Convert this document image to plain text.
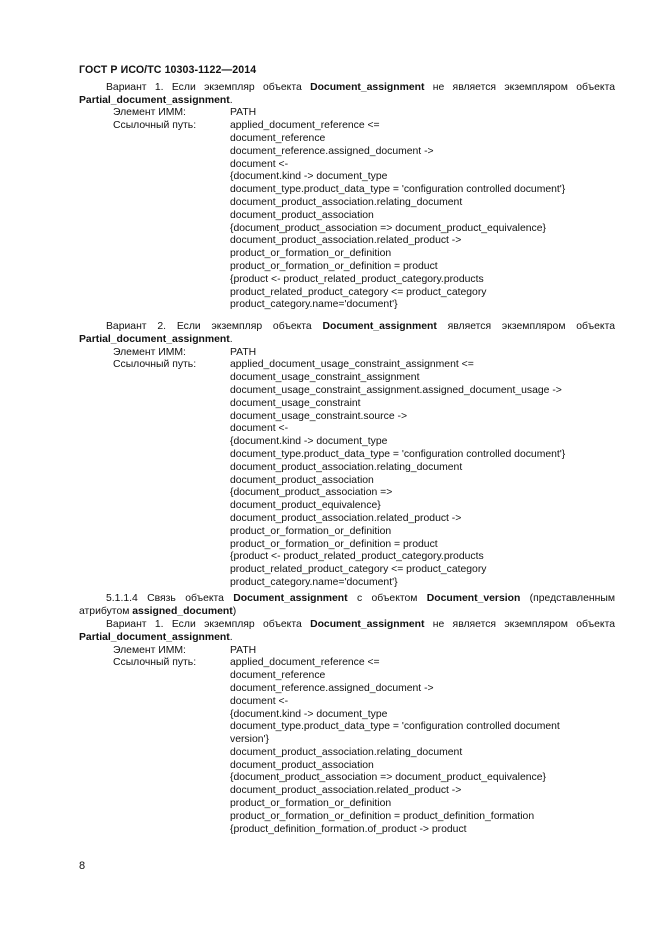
ГОСТ Р ИСО/ТС 10303-1122—2014

Вариант 1. Если экземпляр объекта Document_assignment не является экземпляром объекта Partial_document_assignment.

Элемент ИММ:	PATH
Ссылочный путь:	applied_document_reference <=
document_reference
document_reference.assigned_document ->
document <-
{document.kind -> document_type
document_type.product_data_type = 'configuration controlled document'}
document_product_association.relating_document
document_product_association
{document_product_association => document_product_equivalence}
document_product_association.related_product ->
product_or_formation_or_definition
product_or_formation_or_definition = product
{product <- product_related_product_category.products
product_related_product_category <= product_category
product_category.name='document'}

Вариант 2. Если экземпляр объекта Document_assignment является экземпляром объекта Partial_document_assignment.

Элемент ИММ:	PATH
Ссылочный путь:	applied_document_usage_constraint_assignment <=
document_usage_constraint_assignment
document_usage_constraint_assignment.assigned_document_usage ->
document_usage_constraint
document_usage_constraint.source ->
document <-
{document.kind -> document_type
document_type.product_data_type = 'configuration controlled document'}
document_product_association.relating_document
document_product_association
{document_product_association =>
document_product_equivalence}
document_product_association.related_product ->
product_or_formation_or_definition
product_or_formation_or_definition = product
{product <- product_related_product_category.products
product_related_product_category <= product_category
product_category.name='document'}

5.1.1.4 Связь объекта Document_assignment с объектом Document_version (представленным атрибутом assigned_document)

Вариант 1. Если экземпляр объекта Document_assignment не является экземпляром объекта Partial_document_assignment.

Элемент ИММ:	PATH
Ссылочный путь:	applied_document_reference <=
document_reference
document_reference.assigned_document ->
document <-
{document.kind -> document_type
document_type.product_data_type = 'configuration controlled document
version'}
document_product_association.relating_document
document_product_association
{document_product_association => document_product_equivalence}
document_product_association.related_product ->
product_or_formation_or_definition
product_or_formation_or_definition = product_definition_formation
{product_definition_formation.of_product -> product
8
